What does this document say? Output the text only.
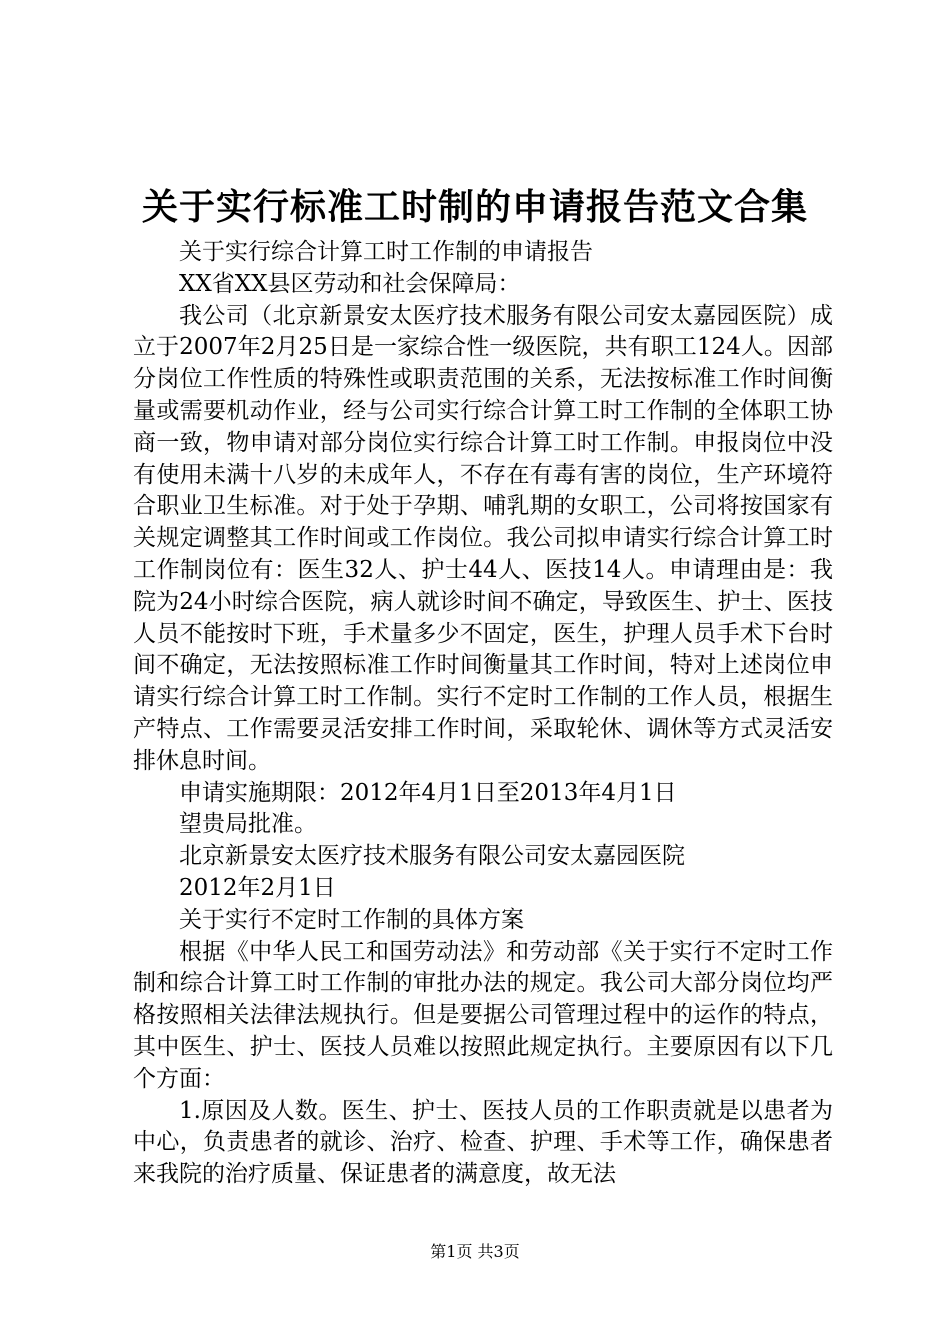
关于实行标准工时制的申请报告范文合集

关于实行综合计算工时工作制的申请报告

XX省XX县区劳动和社会保障局：

我公司（北京新景安太医疗技术服务有限公司安太嘉园医院）成立于2007年2月25日是一家综合性一级医院，共有职工124人。因部分岗位工作性质的特殊性或职责范围的关系，无法按标准工作时间衡量或需要机动作业，经与公司实行综合计算工时工作制的全体职工协商一致，物申请对部分岗位实行综合计算工时工作制。申报岗位中没有使用未满十八岁的未成年人，不存在有毒有害的岗位，生产环境符合职业卫生标准。对于处于孕期、哺乳期的女职工，公司将按国家有关规定调整其工作时间或工作岗位。我公司拟申请实行综合计算工时工作制岗位有：医生32人、护士44人、医技14人。申请理由是：我院为24小时综合医院，病人就诊时间不确定，导致医生、护士、医技人员不能按时下班，手术量多少不固定，医生，护理人员手术下台时间不确定，无法按照标准工作时间衡量其工作时间，特对上述岗位申请实行综合计算工时工作制。实行不定时工作制的工作人员，根据生产特点、工作需要灵活安排工作时间，采取轮休、调休等方式灵活安排休息时间。

申请实施期限：2012年4月1日至2013年4月1日

望贵局批准。

北京新景安太医疗技术服务有限公司安太嘉园医院

2012年2月1日

关于实行不定时工作制的具体方案

根据《中华人民工和国劳动法》和劳动部《关于实行不定时工作制和综合计算工时工作制的审批办法的规定。我公司大部分岗位均严格按照相关法律法规执行。但是要据公司管理过程中的运作的特点，其中医生、护士、医技人员难以按照此规定执行。主要原因有以下几个方面：

1.原因及人数。医生、护士、医技人员的工作职责就是以患者为中心，负责患者的就诊、治疗、检查、护理、手术等工作，确保患者来我院的治疗质量、保证患者的满意度，故无法

第1页 共3页
